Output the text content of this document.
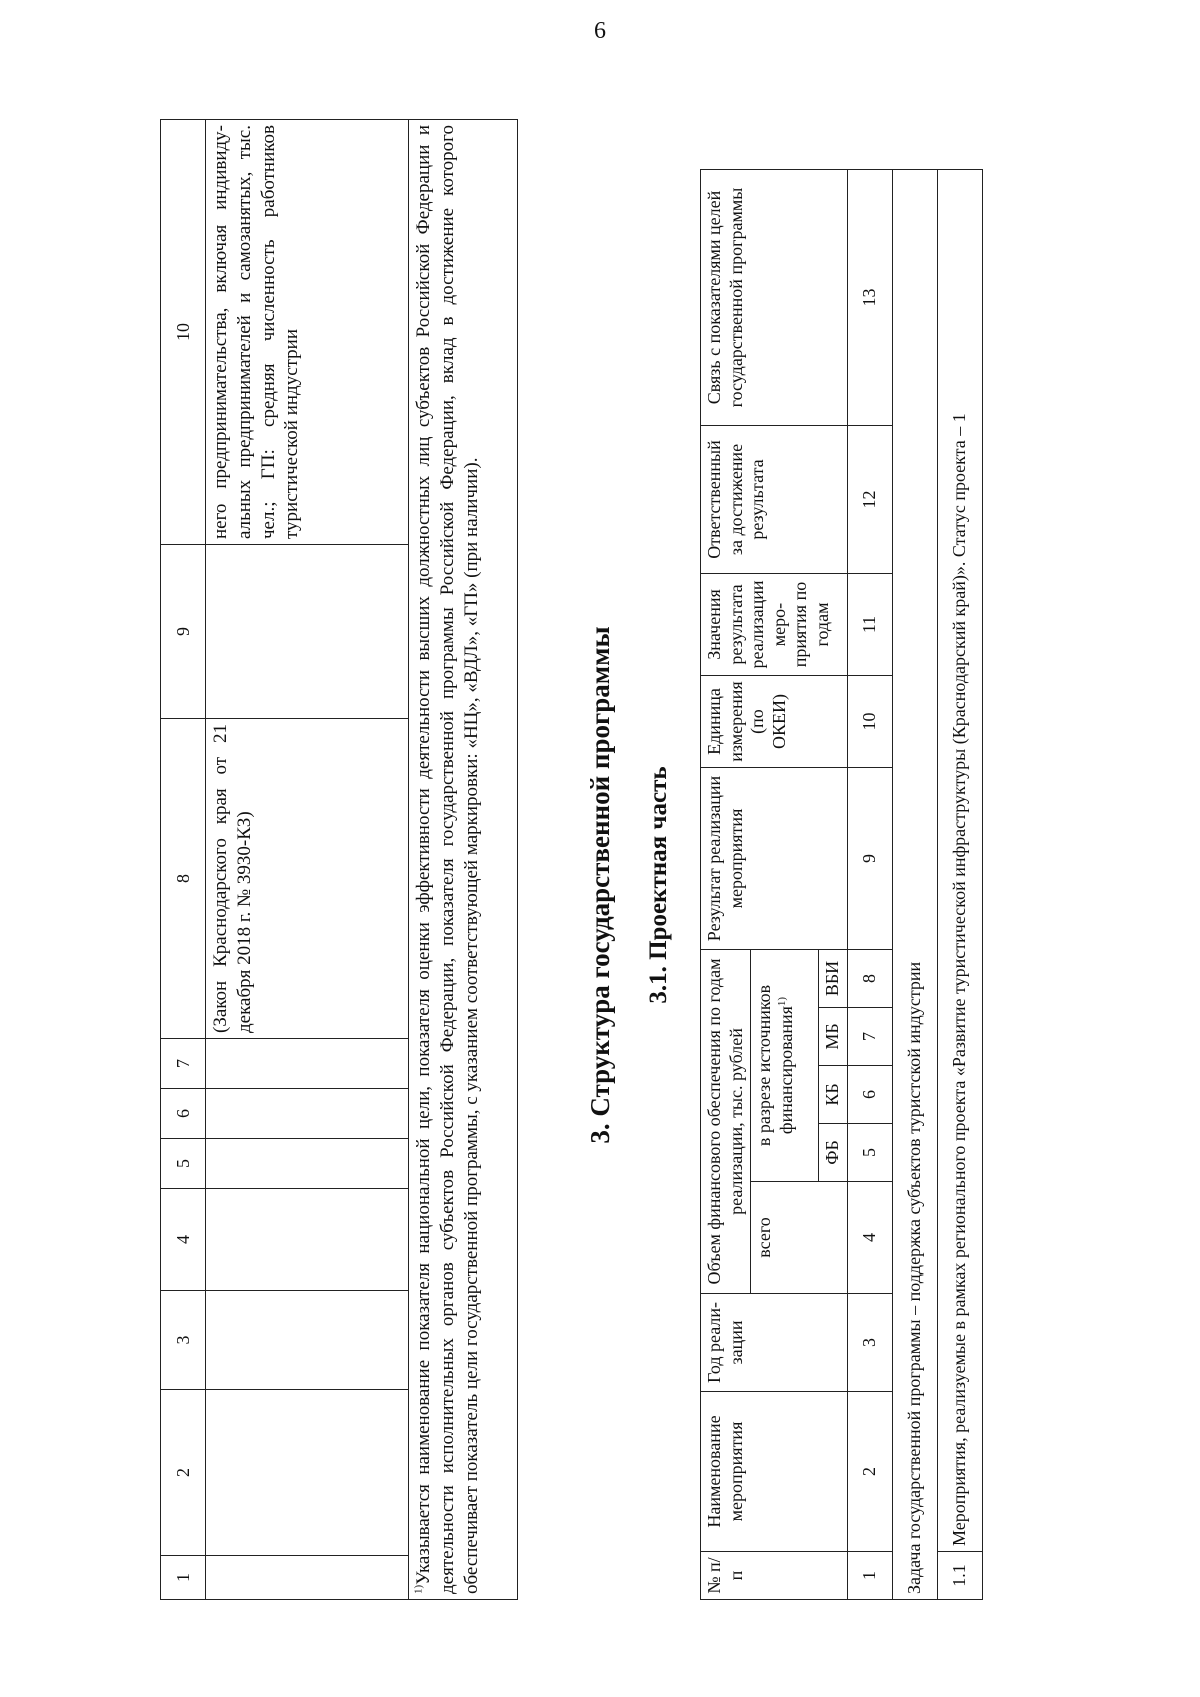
6
1	2	3	4	5	6	7	8	9	10
							(Закон Краснодарского края от 21 декабря 2018 г. № 3930-КЗ)		него предпринимательства, включая индивидуальных предпринимателей и самозанятых, тыс. чел.; ГП: средняя численность работников туристической индустрии
$^{1)}$Указывается наименование показателя национальной цели, показателя оценки эффективности деятельности высших должностных лиц субъектов Российской Федерации и деятельности исполнительных органов субъектов Российской Федерации, показателя государственной программы Российской Федерации, вклад в достижение которого обеспечивает показатель цели государственной программы, с указанием соответствующей маркировки: «НЦ», «ВДЛ», «ГП» (при наличии).										3. Структура государственной программы 3.1. Проектная часть
№ п/п	Наименование мероприятия	Год реализации	Объем финансового обеспечения по годам реализации, тыс. рублей					Результат реализации мероприятия	Единица измерения (по ОКЕИ)	Значения результата реализации мероприятия по годам	Ответственный за достижение результата	Связь с показателями целей государственной программы
			всего	в разрезе источников финансирования$^{1)}$
				ФБ	КБ	МБ	ВБИ					
1	2	3	4	5	6	7	8	9	10	11	12	13
Задача государственной программы – поддержка субъектов туристской индустрии												
1.1	Мероприятия, реализуемые в рамках регионального проекта «Развитие туристической инфраструктуры (Краснодарский край)». Статус проекта – 1											
